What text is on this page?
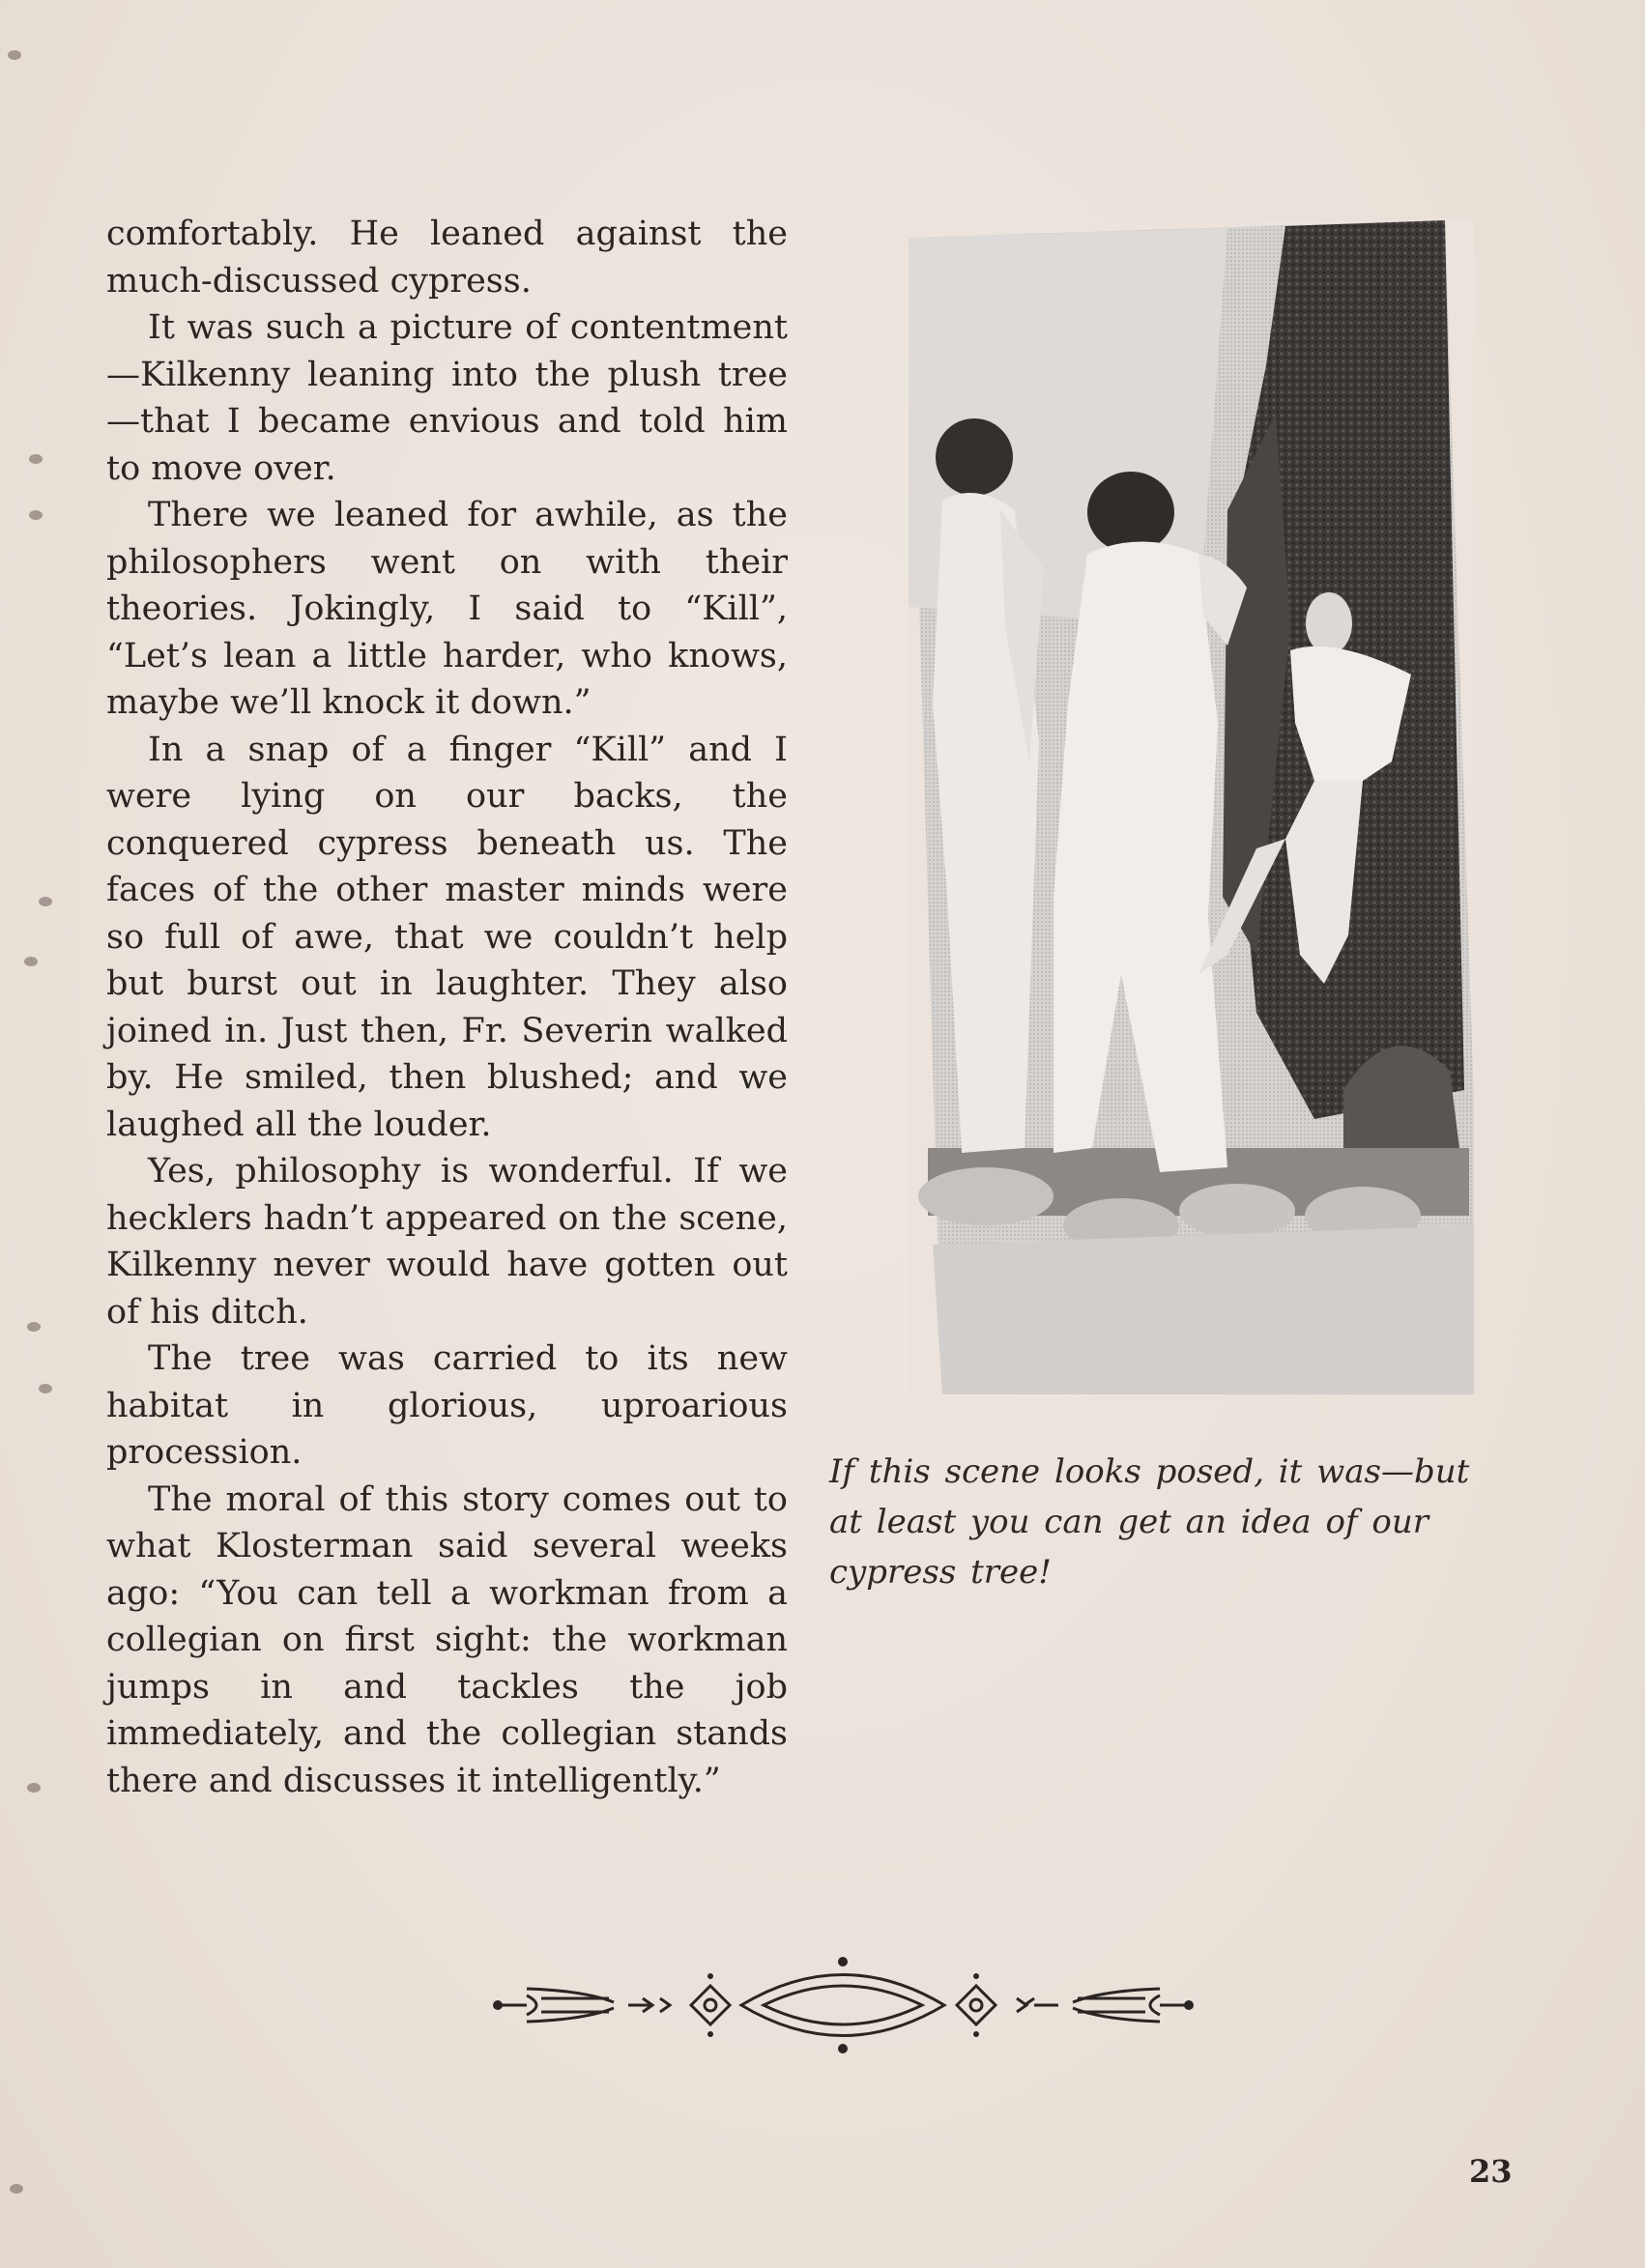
comfortably. He leaned against the much-discussed cypress.

It was such a picture of contentment—Kilkenny leaning into the plush tree—that I became envious and told him to move over.

There we leaned for awhile, as the philosophers went on with their theories. Jokingly, I said to “Kill”, “Let’s lean a little harder, who knows, maybe we’ll knock it down.”

In a snap of a finger “Kill” and I were lying on our backs, the conquered cypress beneath us. The faces of the other master minds were so full of awe, that we couldn’t help but burst out in laughter. They also joined in. Just then, Fr. Severin walked by. He smiled, then blushed; and we laughed all the louder.

Yes, philosophy is wonderful. If we hecklers hadn’t appeared on the scene, Kilkenny never would have gotten out of his ditch.

The tree was carried to its new habitat in glorious, uproarious procession.

The moral of this story comes out to what Klosterman said several weeks ago: “You can tell a workman from a collegian on first sight: the workman jumps in and tackles the job immediately, and the collegian stands there and discusses it intelligently.”

If this scene looks posed, it was—but at least you can get an idea of our cypress tree!

23
